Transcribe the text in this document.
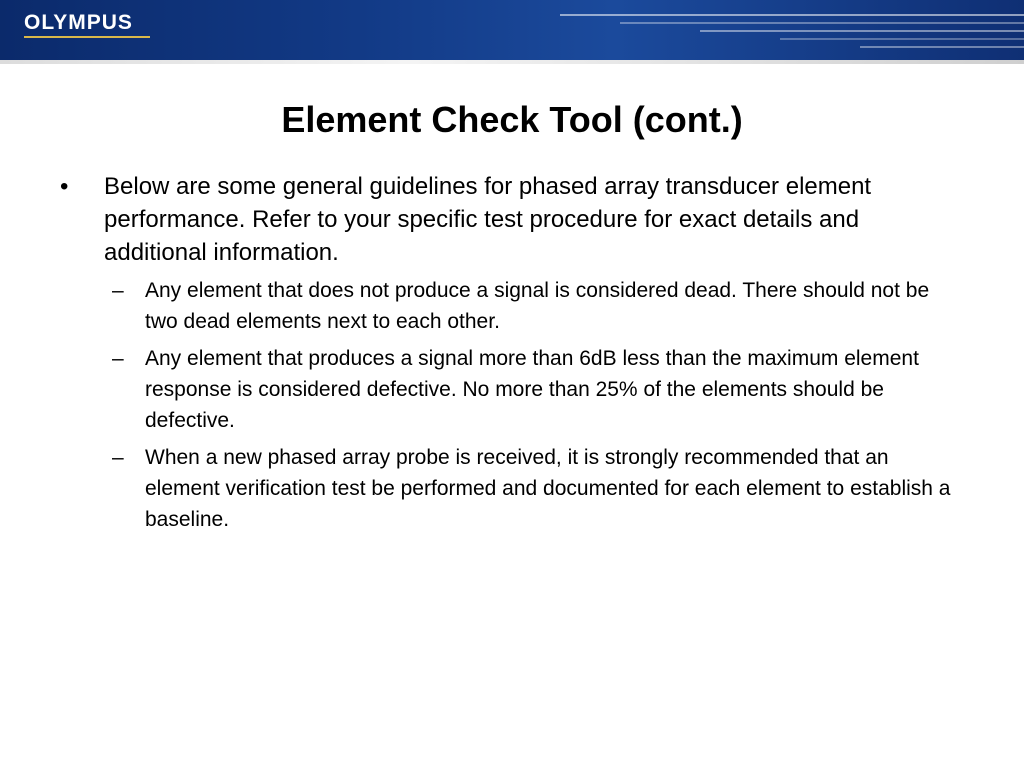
OLYMPUS
Element Check Tool (cont.)
•	Below are some general guidelines for phased array transducer element performance. Refer to your specific test procedure for exact details and additional information.
–	Any element that does not produce a signal is considered dead. There should not be two dead elements next to each other.
–	Any element that produces a signal more than 6dB less than the maximum element response is considered defective. No more than 25% of the elements should be defective.
–	When a new phased array probe is received, it is strongly recommended that an element verification test be performed and documented for each element to establish a baseline.
